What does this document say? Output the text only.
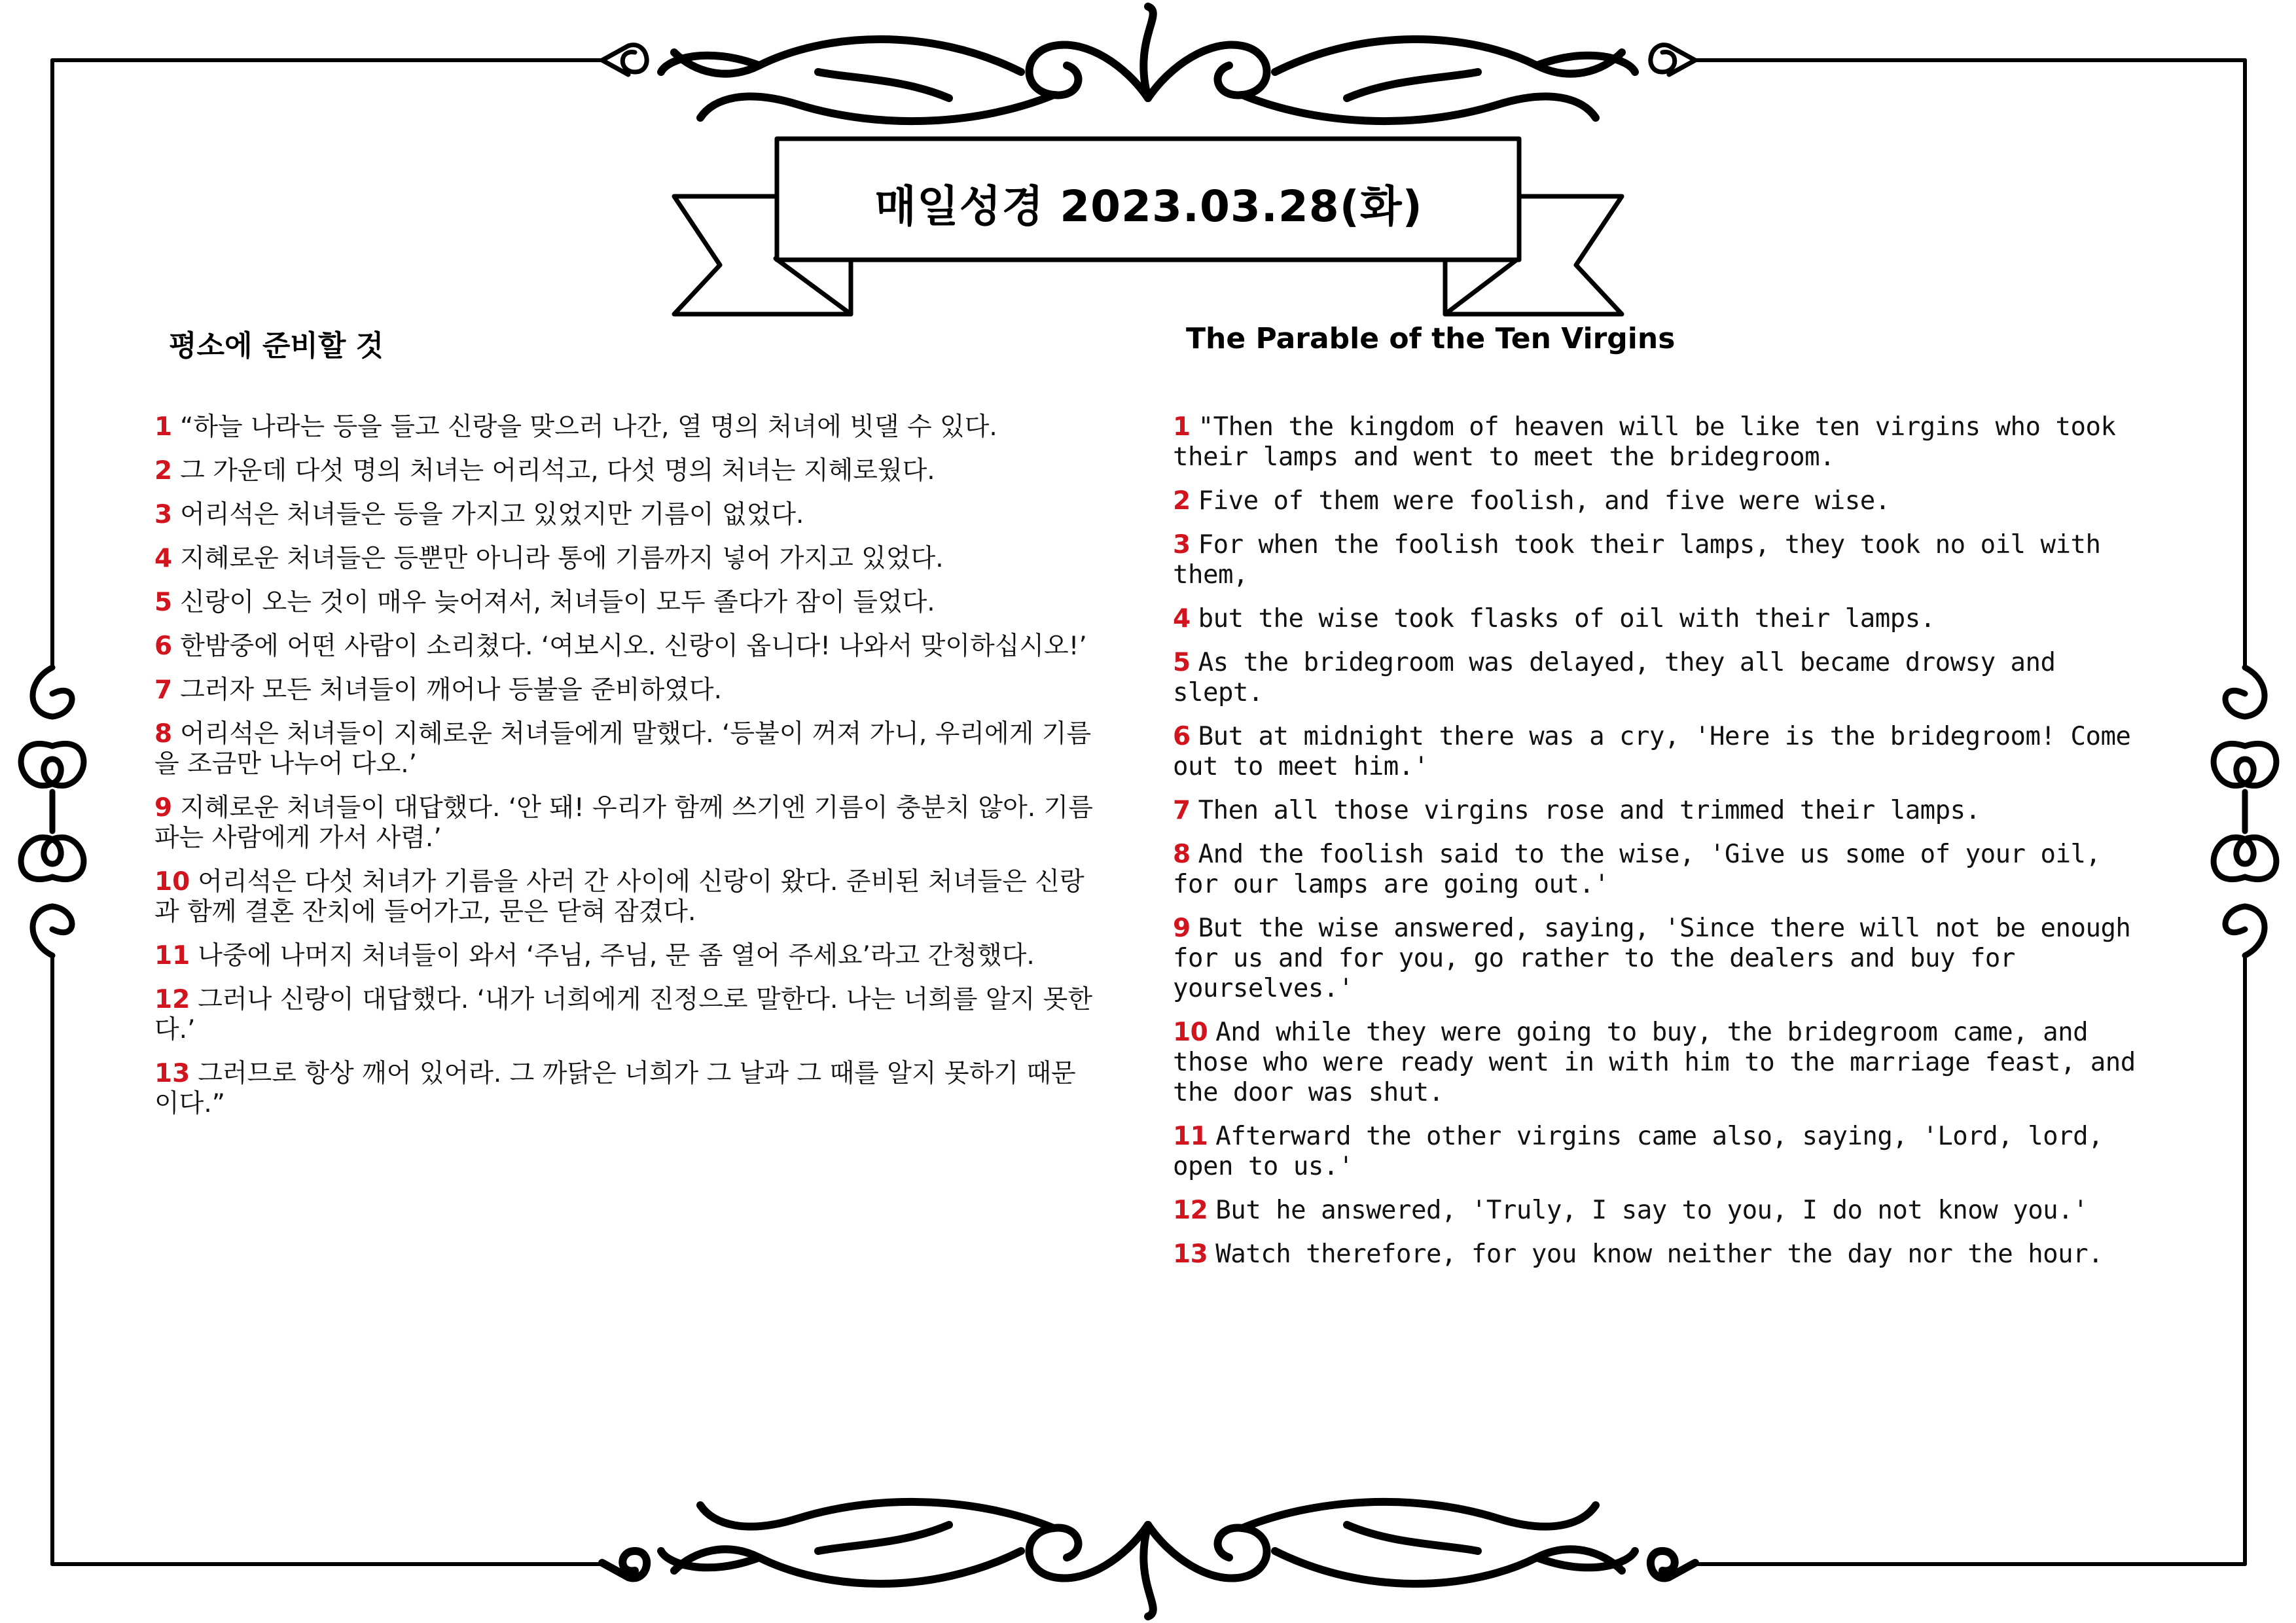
매일성경 2023.03.28(화)
평소에 준비할 것	The Parable of the Ten Virgins
1 “하늘 나라는 등을 들고 신랑을 맞으러 나간, 열 명의 처녀에 빗댈 수 있다.
2 그 가운데 다섯 명의 처녀는 어리석고, 다섯 명의 처녀는 지혜로웠다.
3 어리석은 처녀들은 등을 가지고 있었지만 기름이 없었다.
4 지혜로운 처녀들은 등뿐만 아니라 통에 기름까지 넣어 가지고 있었다.
5 신랑이 오는 것이 매우 늦어져서, 처녀들이 모두 졸다가 잠이 들었다.
6 한밤중에 어떤 사람이 소리쳤다. ‘여보시오. 신랑이 옵니다! 나와서 맞이하십시오!’
7 그러자 모든 처녀들이 깨어나 등불을 준비하였다.
8 어리석은 처녀들이 지혜로운 처녀들에게 말했다. ‘등불이 꺼져 가니, 우리에게 기름을 조금만 나누어 다오.’
9 지혜로운 처녀들이 대답했다. ‘안 돼! 우리가 함께 쓰기엔 기름이 충분치 않아. 기름 파는 사람에게 가서 사렴.’
10 어리석은 다섯 처녀가 기름을 사러 간 사이에 신랑이 왔다. 준비된 처녀들은 신랑과 함께 결혼 잔치에 들어가고, 문은 닫혀 잠겼다.
11 나중에 나머지 처녀들이 와서 ‘주님, 주님, 문 좀 열어 주세요’라고 간청했다.
12 그러나 신랑이 대답했다. ‘내가 너희에게 진정으로 말한다. 나는 너희를 알지 못한다.’
13 그러므로 항상 깨어 있어라. 그 까닭은 너희가 그 날과 그 때를 알지 못하기 때문이다.”
1 "Then the kingdom of heaven will be like ten virgins who took their lamps and went to meet the bridegroom.
2 Five of them were foolish, and five were wise.
3 For when the foolish took their lamps, they took no oil with them,
4 but the wise took flasks of oil with their lamps.
5 As the bridegroom was delayed, they all became drowsy and slept.
6 But at midnight there was a cry, 'Here is the bridegroom! Come out to meet him.'
7 Then all those virgins rose and trimmed their lamps.
8 And the foolish said to the wise, 'Give us some of your oil, for our lamps are going out.'
9 But the wise answered, saying, 'Since there will not be enough for us and for you, go rather to the dealers and buy for yourselves.'
10 And while they were going to buy, the bridegroom came, and those who were ready went in with him to the marriage feast, and the door was shut.
11 Afterward the other virgins came also, saying, 'Lord, lord, open to us.'
12 But he answered, 'Truly, I say to you, I do not know you.'
13 Watch therefore, for you know neither the day nor the hour.
